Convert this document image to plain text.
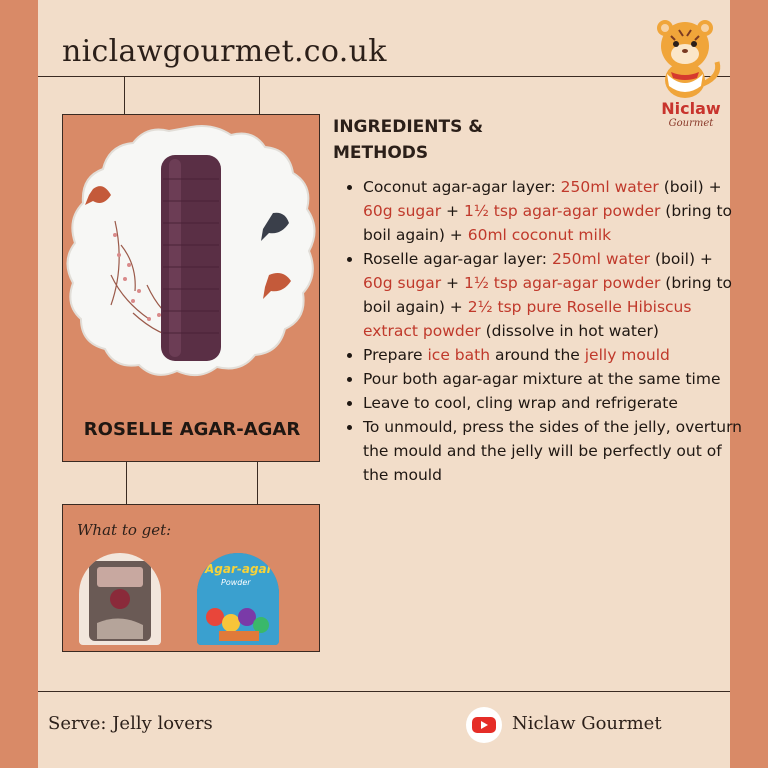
niclawgourmet.co.uk
Niclaw
Gourmet
ROSELLE AGAR-AGAR
What to get:
Agar-agar
Powder
INGREDIENTS &
METHODS
• Coconut agar-agar layer: 250ml water (boil) + 60g sugar + 1½ tsp agar-agar powder (bring to boil again) + 60ml coconut milk
• Roselle agar-agar layer: 250ml water (boil) + 60g sugar + 1½ tsp agar-agar powder (bring to boil again) + 2½ tsp pure Roselle Hibiscus extract powder (dissolve in hot water)
• Prepare ice bath around the jelly mould
• Pour both agar-agar mixture at the same time
• Leave to cool, cling wrap and refrigerate
• To unmould, press the sides of the jelly, overturn the mould and the jelly will be perfectly out of the mould
Serve: Jelly lovers	Niclaw Gourmet
